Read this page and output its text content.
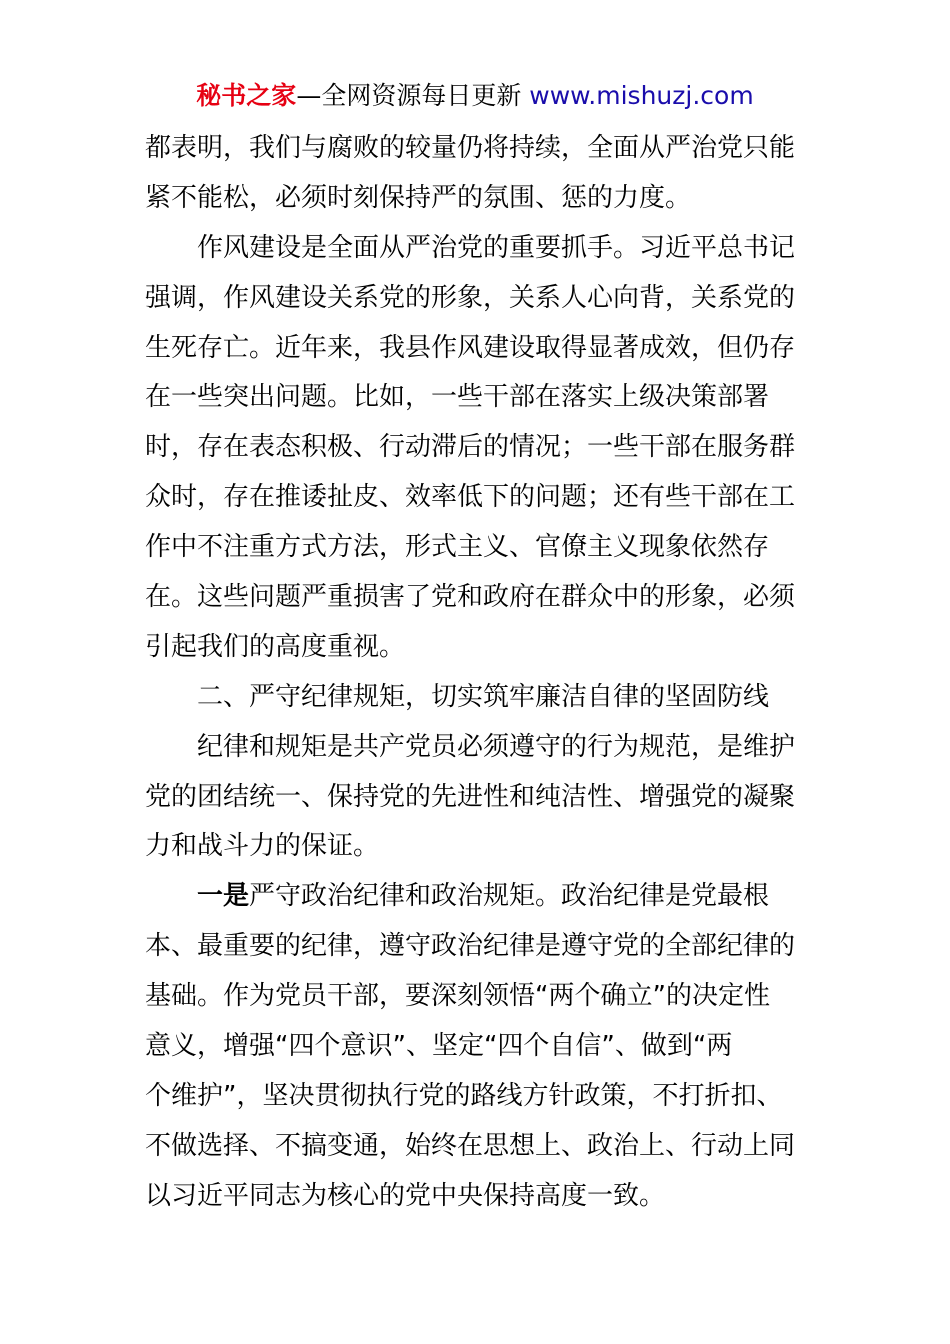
秘书之家—全网资源每日更新 www.mishuzj.com
都表明，我们与腐败的较量仍将持续，全面从严治党只能
紧不能松，必须时刻保持严的氛围、惩的力度。
作风建设是全面从严治党的重要抓手。习近平总书记
强调，作风建设关系党的形象，关系人心向背，关系党的
生死存亡。近年来，我县作风建设取得显著成效，但仍存
在一些突出问题。比如，一些干部在落实上级决策部署
时，存在表态积极、行动滞后的情况；一些干部在服务群
众时，存在推诿扯皮、效率低下的问题；还有些干部在工
作中不注重方式方法，形式主义、官僚主义现象依然存
在。这些问题严重损害了党和政府在群众中的形象，必须
引起我们的高度重视。
二、严守纪律规矩，切实筑牢廉洁自律的坚固防线
纪律和规矩是共产党员必须遵守的行为规范，是维护
党的团结统一、保持党的先进性和纯洁性、增强党的凝聚
力和战斗力的保证。
一是严守政治纪律和政治规矩。政治纪律是党最根
本、最重要的纪律，遵守政治纪律是遵守党的全部纪律的
基础。作为党员干部，要深刻领悟“两个确立”的决定性
意义，增强“四个意识”、坚定“四个自信”、做到“两
个维护”，坚决贯彻执行党的路线方针政策，不打折扣、
不做选择、不搞变通，始终在思想上、政治上、行动上同
以习近平同志为核心的党中央保持高度一致。
